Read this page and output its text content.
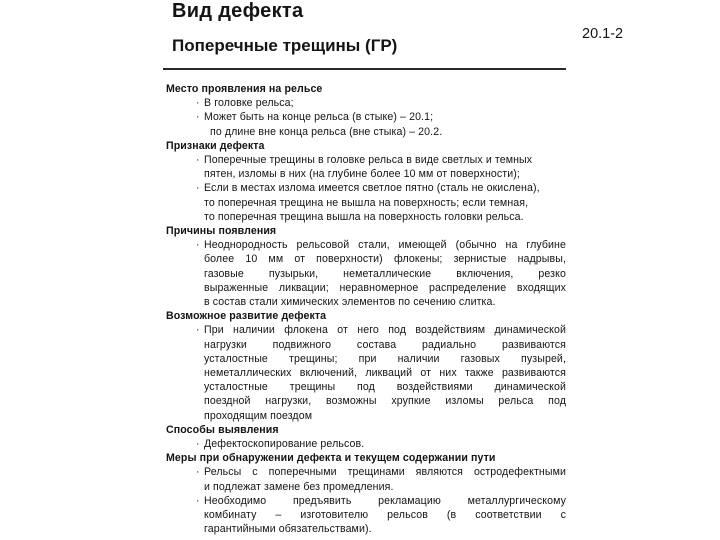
Вид дефекта
Поперечные трещины (ГР)
20.1-2
Место проявления на рельсе
· В головке рельса;
· Может быть на конце рельса (в стыке) – 20.1;
по длине вне конца рельса (вне стыка) – 20.2.
Признаки дефекта
· Поперечные трещины в головке рельса в виде светлых и темных
пятен, изломы в них (на глубине более 10 мм от поверхности);
· Если в местах излома имеется светлое пятно (сталь не окислена),
то поперечная трещина не вышла на поверхность; если темная,
то поперечная трещина вышла на поверхность головки рельса.
Причины появления
· Неоднородность рельсовой стали, имеющей (обычно на глубине
более 10 мм от поверхности) флокены; зернистые надрывы,
газовые пузырьки, неметаллические включения, резко
выраженные ликвации; неравномерное распределение входящих
в состав стали химических элементов по сечению слитка.
Возможное развитие дефекта
· При наличии флокена от него под воздействиям динамической
нагрузки подвижного состава радиально развиваются
усталостные трещины; при наличии газовых пузырей,
неметаллических включений, ликваций от них также развиваются
усталостные трещины под воздействиями динамической
поездной нагрузки, возможны хрупкие изломы рельса под
проходящим поездом
Способы выявления
· Дефектоскопирование рельсов.
Меры при обнаружении дефекта и текущем содержании пути
· Рельсы с поперечными трещинами являются остродефектными
и подлежат замене без промедления.
· Необходимо предъявить рекламацию металлургическому
комбинату – изготовителю рельсов (в соответствии с
гарантийными обязательствами).
